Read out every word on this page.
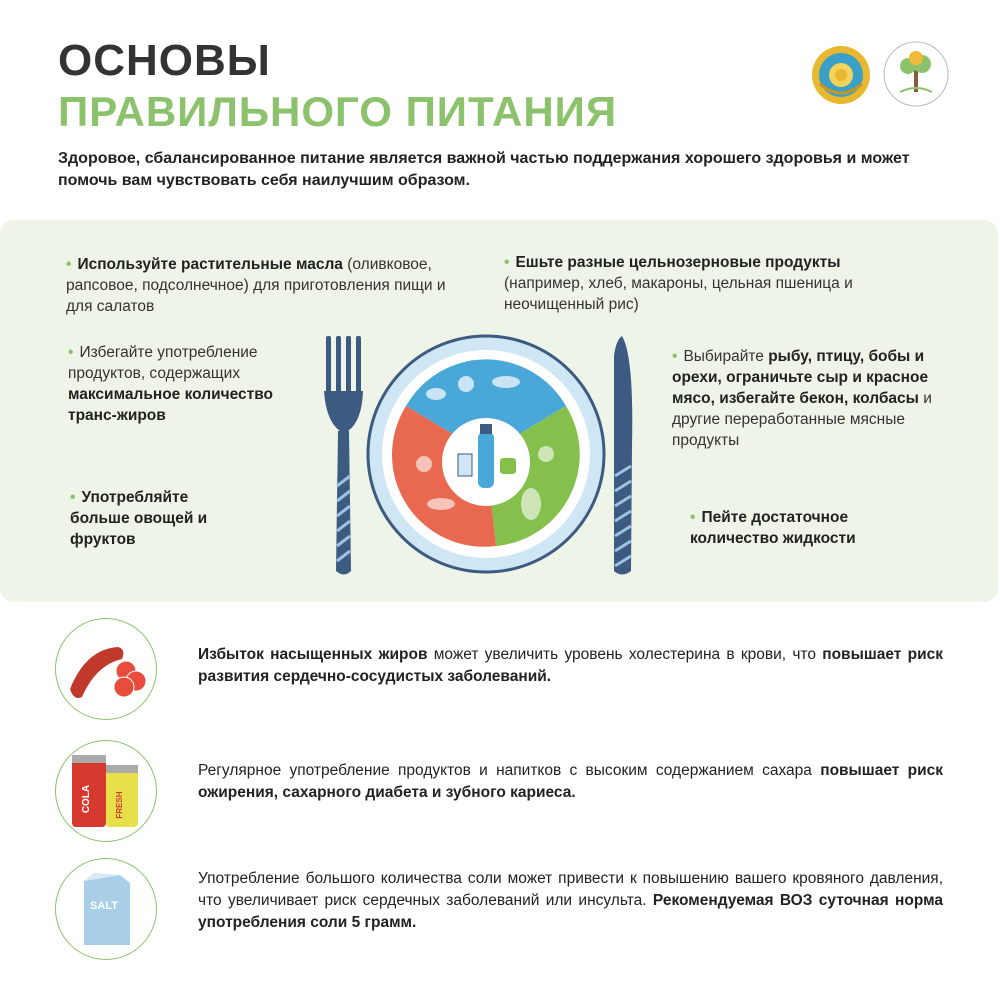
ОСНОВЫ
ПРАВИЛЬНОГО ПИТАНИЯ
Здоровое, сбалансированное питание является важной частью поддержания хорошего здоровья и может помочь вам чувствовать себя наилучшим образом.
• Используйте растительные масла (оливковое, рапсовое, подсолнечное) для приготовления пищи и для салатов
• Ешьте разные цельнозерновые продукты (например, хлеб, макароны, цельная пшеница и неочищенный рис)
• Избегайте употребление продуктов, содержащих максимальное количество транс-жиров
• Выбирайте рыбу, птицу, бобы и орехи, ограничьте сыр и красное мясо, избегайте бекон, колбасы и другие переработанные мясные продукты
• Употребляйте больше овощей и фруктов
• Пейте достаточное количество жидкости
Избыток насыщенных жиров может увеличить уровень холестерина в крови, что повышает риск развития сердечно-сосудистых заболеваний.
COLA	FRESH
Регулярное употребление продуктов и напитков с высоким содержанием сахара повышает риск ожирения, сахарного диабета и зубного кариеса.
SALT
Употребление большого количества соли может привести к повышению вашего кровяного давления, что увеличивает риск сердечных заболеваний или инсульта. Рекомендуемая ВОЗ суточная норма употребления соли 5 грамм.
